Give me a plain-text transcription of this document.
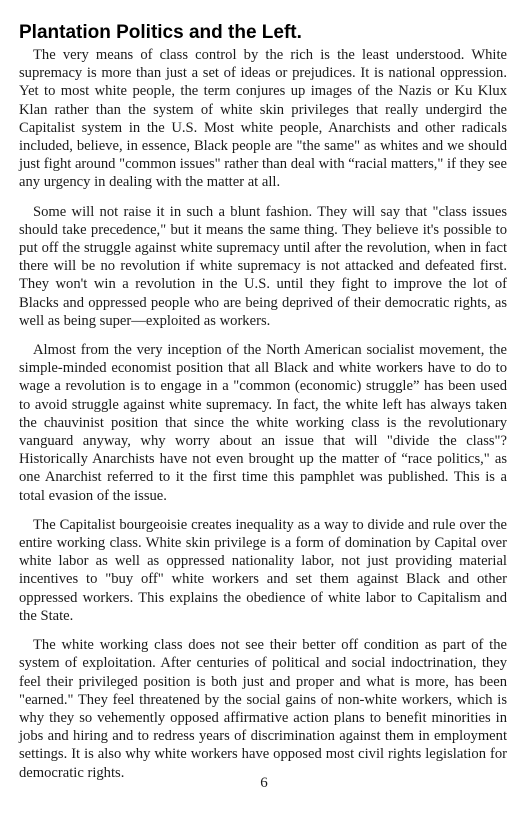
Plantation Politics and the Left.

The very means of class control by the rich is the least understood. White supremacy is more than just a set of ideas or prejudices. It is national oppression. Yet to most white people, the term conjures up images of the Nazis or Ku Klux Klan rather than the system of white skin privileges that really undergird the Capitalist system in the U.S. Most white people, Anarchists and other radicals included, believe, in essence, Black people are "the same" as whites and we should just fight around "common issues" rather than deal with “racial matters," if they see any urgency in dealing with the matter at all.

Some will not raise it in such a blunt fashion. They will say that "class issues should take precedence," but it means the same thing. They believe it's possible to put off the struggle against white supremacy until after the revolution, when in fact there will be no revolution if white supremacy is not attacked and defeated first. They won't win a revolution in the U.S. until they fight to improve the lot of Blacks and oppressed people who are being deprived of their democratic rights, as well as being super—exploited as workers.

Almost from the very inception of the North American socialist movement, the simple-minded economist position that all Black and white workers have to do to wage a revolution is to engage in a "common (economic) struggle” has been used to avoid struggle against white supremacy. In fact, the white left has always taken the chauvinist position that since the white working class is the revolutionary vanguard anyway, why worry about an issue that will "divide the class"? Historically Anarchists have not even brought up the matter of “race politics," as one Anarchist referred to it the first time this pamphlet was published. This is a total evasion of the issue.

The Capitalist bourgeoisie creates inequality as a way to divide and rule over the entire working class. White skin privilege is a form of domination by Capital over white labor as well as oppressed nationality labor, not just providing material incentives to "buy off" white workers and set them against Black and other oppressed workers. This explains the obedience of white labor to Capitalism and the State.

The white working class does not see their better off condition as part of the system of exploitation. After centuries of political and social indoctrination, they feel their privileged position is both just and proper and what is more, has been "earned." They feel threatened by the social gains of non-white workers, which is why they so vehemently opposed affirmative action plans to benefit minorities in jobs and hiring and to redress years of discrimination against them in employment settings. It is also why white workers have opposed most civil rights legislation for democratic rights.

6
